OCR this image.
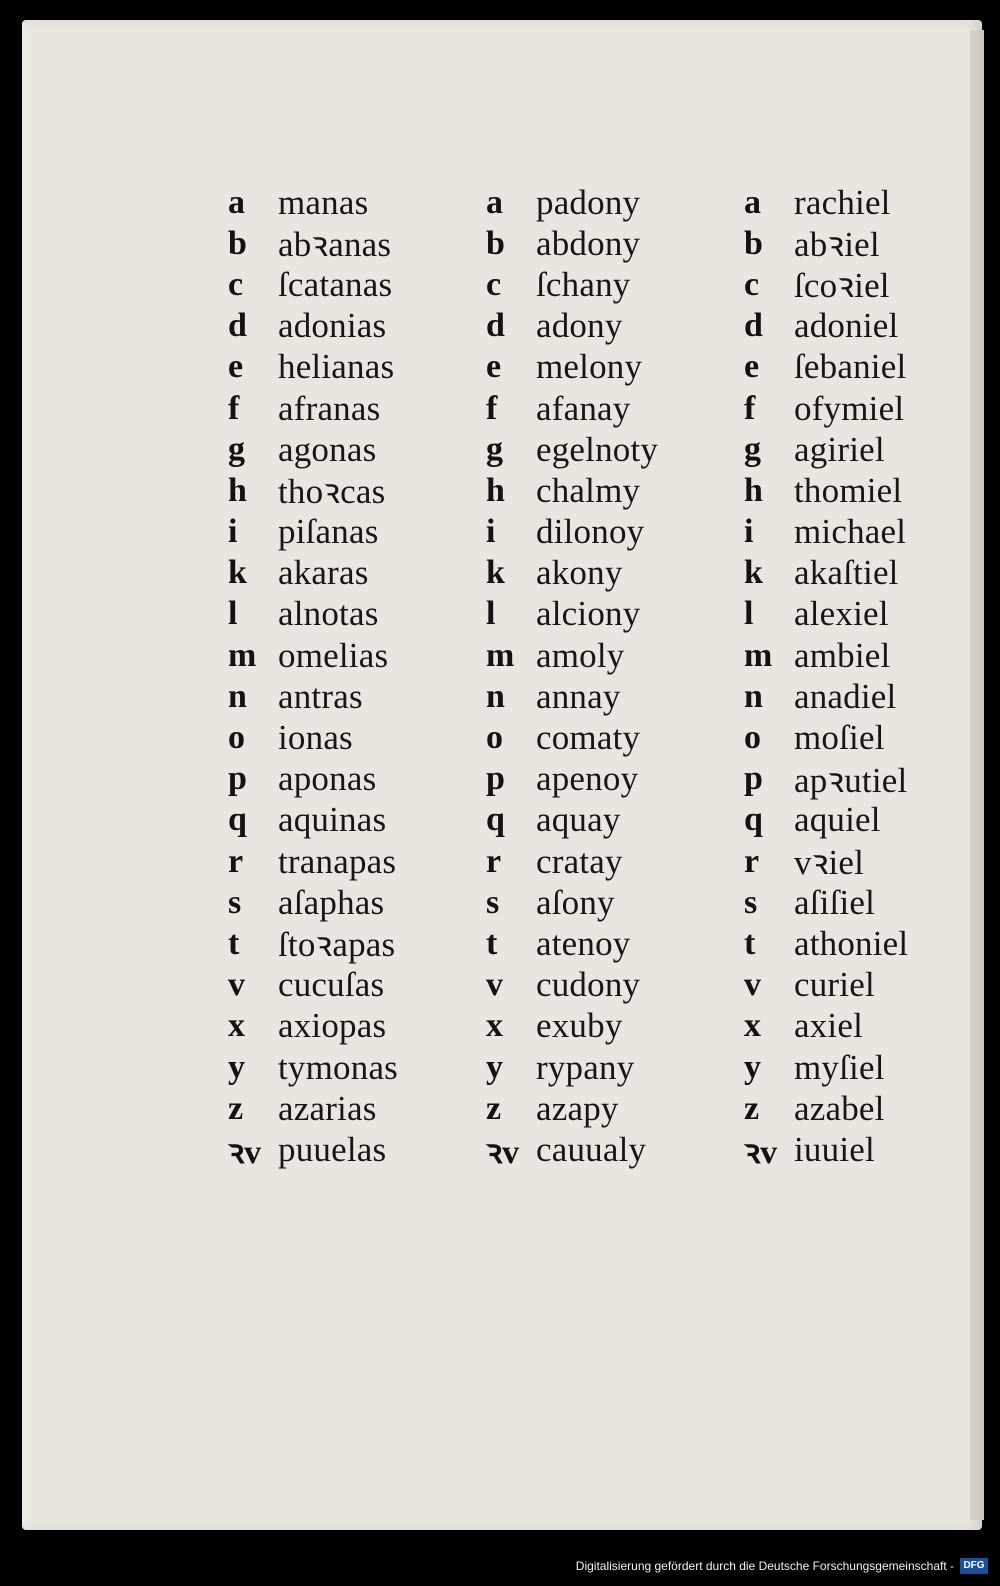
a manas
b abꝛanas
c ſcatanas
d adonias
e helianas
f	afranas
g agonas
h thoꝛcas
i	piſanas
k akaras
l	alnotas
m omelias
n antras
o ionas
p aponas
q aquinas
r tranapas
s	aſaphas
t	ſtoꝛapas
v cucuſas
x axiopas
y tymonas
z azarias
ꝛv puuelas
a padony
b abdony
c ſchany
d adony
e melony
f	afanay
g egelnoty
h chalmy
i	dilonoy
k akony
l	alciony
m amoly
n annay
o comaty
p apenoy
q aquay
r cratay
s	aſony
t	atenoy
v cudony
x exuby
y rypany
z azapy
ꝛv cauualy
a rachiel
b abꝛiel
c ſcoꝛiel
d adoniel
e ſebaniel
f	ofymiel
g agiriel
h thomiel
i	michael
k akaſtiel
l	alexiel
m ambiel
n anadiel
o moſiel
p apꝛutiel
q aquiel
r vꝛiel
s	aſiſiel
t	athoniel
v curiel
x axiel
y myſiel
z azabel
ꝛv iuuiel
Digitalisierung gefördert durch die Deutsche Forschungsgemeinschaft - DFG
